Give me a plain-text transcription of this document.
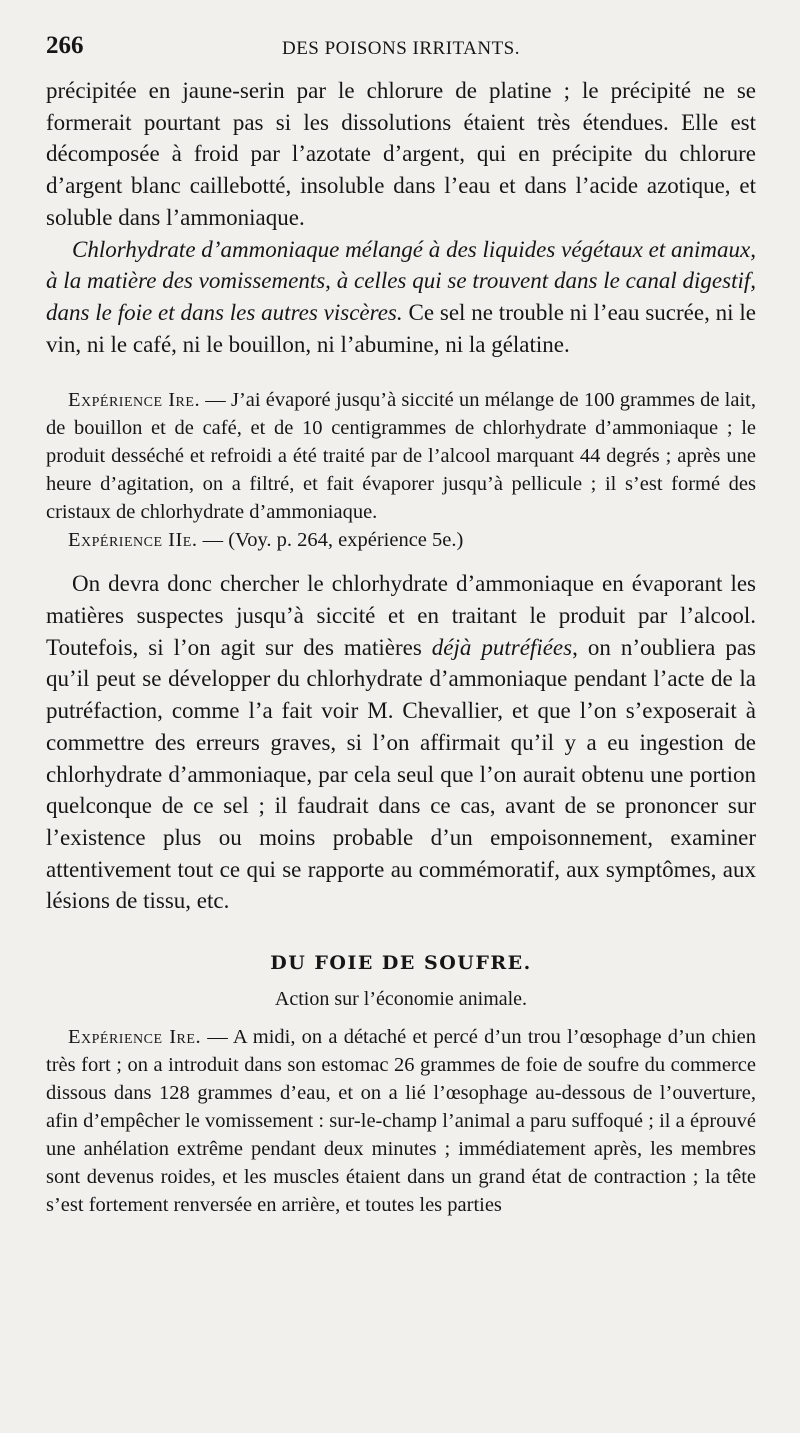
266	DES POISONS IRRITANTS.

précipitée en jaune-serin par le chlorure de platine ; le précipité ne se formerait pourtant pas si les dissolutions étaient très étendues. Elle est décomposée à froid par l’azotate d’argent, qui en précipite du chlorure d’argent blanc caillebotté, insoluble dans l’eau et dans l’acide azotique, et soluble dans l’ammoniaque.

Chlorhydrate d’ammoniaque mélangé à des liquides végétaux et animaux, à la matière des vomissements, à celles qui se trouvent dans le canal digestif, dans le foie et dans les autres viscères. Ce sel ne trouble ni l’eau sucrée, ni le vin, ni le café, ni le bouillon, ni l’abumine, ni la gélatine.

Expérience Ire. — J’ai évaporé jusqu’à siccité un mélange de 100 grammes de lait, de bouillon et de café, et de 10 centigrammes de chlorhydrate d’ammoniaque ; le produit desséché et refroidi a été traité par de l’alcool marquant 44 degrés ; après une heure d’agitation, on a filtré, et fait évaporer jusqu’à pellicule ; il s’est formé des cristaux de chlorhydrate d’ammoniaque.

Expérience IIe. — (Voy. p. 264, expérience 5e.)

On devra donc chercher le chlorhydrate d’ammoniaque en évaporant les matières suspectes jusqu’à siccité et en traitant le produit par l’alcool. Toutefois, si l’on agit sur des matières déjà putréfiées, on n’oubliera pas qu’il peut se développer du chlorhydrate d’ammoniaque pendant l’acte de la putréfaction, comme l’a fait voir M. Chevallier, et que l’on s’exposerait à commettre des erreurs graves, si l’on affirmait qu’il y a eu ingestion de chlorhydrate d’ammoniaque, par cela seul que l’on aurait obtenu une portion quelconque de ce sel ; il faudrait dans ce cas, avant de se prononcer sur l’existence plus ou moins probable d’un empoisonnement, examiner attentivement tout ce qui se rapporte au commémoratif, aux symptômes, aux lésions de tissu, etc.

DU FOIE DE SOUFRE.

Action sur l’économie animale.

Expérience Ire. — A midi, on a détaché et percé d’un trou l’œsophage d’un chien très fort ; on a introduit dans son estomac 26 grammes de foie de soufre du commerce dissous dans 128 grammes d’eau, et on a lié l’œsophage au-dessous de l’ouverture, afin d’empêcher le vomissement : sur-le-champ l’animal a paru suffoqué ; il a éprouvé une anhélation extrême pendant deux minutes ; immédiatement après, les membres sont devenus roides, et les muscles étaient dans un grand état de contraction ; la tête s’est fortement renversée en arrière, et toutes les parties
